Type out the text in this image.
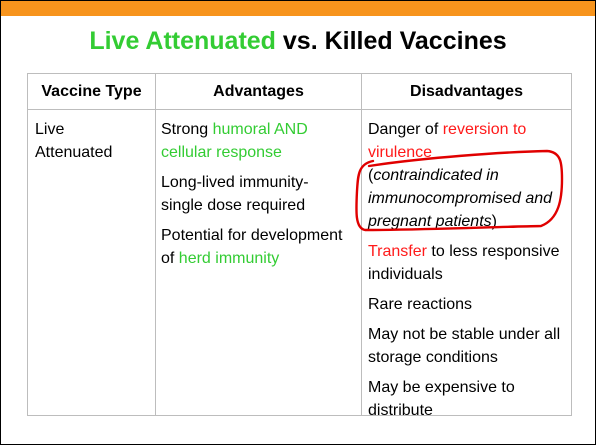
Live Attenuated vs. Killed Vaccines
Vaccine Type	Advantages	Disadvantages
Live
Attenuated

Strong humoral AND cellular response

Long-lived immunity-single dose required

Potential for development of herd immunity

Danger of reversion to virulence

(contraindicated in immunocompromised and pregnant patients)

Transfer to less responsive individuals

Rare reactions

May not be stable under all storage conditions

May be expensive to distribute
